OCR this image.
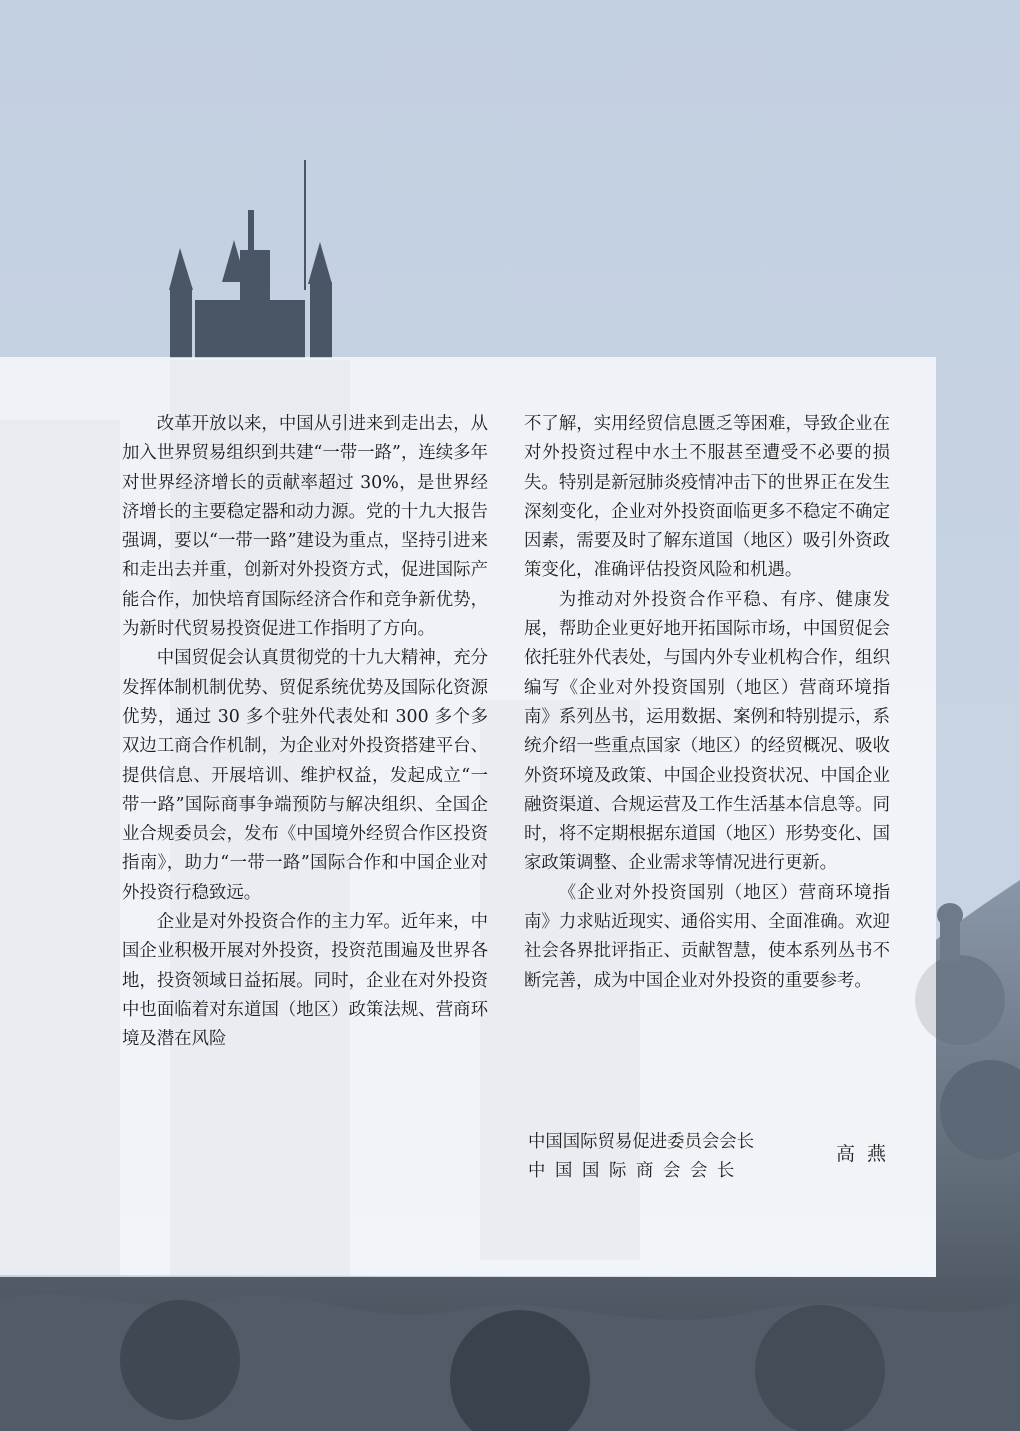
改革开放以来，中国从引进来到走出去，从加入世界贸易组织到共建“一带一路”，连续多年对世界经济增长的贡献率超过 30%，是世界经济增长的主要稳定器和动力源。党的十九大报告强调，要以“一带一路”建设为重点，坚持引进来和走出去并重，创新对外投资方式，促进国际产能合作，加快培育国际经济合作和竞争新优势，为新时代贸易投资促进工作指明了方向。

中国贸促会认真贯彻党的十九大精神，充分发挥体制机制优势、贸促系统优势及国际化资源优势，通过 30 多个驻外代表处和 300 多个多双边工商合作机制，为企业对外投资搭建平台、提供信息、开展培训、维护权益，发起成立“一带一路”国际商事争端预防与解决组织、全国企业合规委员会，发布《中国境外经贸合作区投资指南》，助力“一带一路”国际合作和中国企业对外投资行稳致远。

企业是对外投资合作的主力军。近年来，中国企业积极开展对外投资，投资范围遍及世界各地，投资领域日益拓展。同时，企业在对外投资中也面临着对东道国（地区）政策法规、营商环境及潜在风险

不了解，实用经贸信息匮乏等困难，导致企业在对外投资过程中水土不服甚至遭受不必要的损失。特别是新冠肺炎疫情冲击下的世界正在发生深刻变化，企业对外投资面临更多不稳定不确定因素，需要及时了解东道国（地区）吸引外资政策变化，准确评估投资风险和机遇。

为推动对外投资合作平稳、有序、健康发展，帮助企业更好地开拓国际市场，中国贸促会依托驻外代表处，与国内外专业机构合作，组织编写《企业对外投资国别（地区）营商环境指南》系列丛书，运用数据、案例和特别提示，系统介绍一些重点国家（地区）的经贸概况、吸收外资环境及政策、中国企业投资状况、中国企业融资渠道、合规运营及工作生活基本信息等。同时，将不定期根据东道国（地区）形势变化、国家政策调整、企业需求等情况进行更新。

《企业对外投资国别（地区）营商环境指南》力求贴近现实、通俗实用、全面准确。欢迎社会各界批评指正、贡献智慧，使本系列丛书不断完善，成为中国企业对外投资的重要参考。

中国国际贸易促进委员会会长
中国国际商会会长
高燕
